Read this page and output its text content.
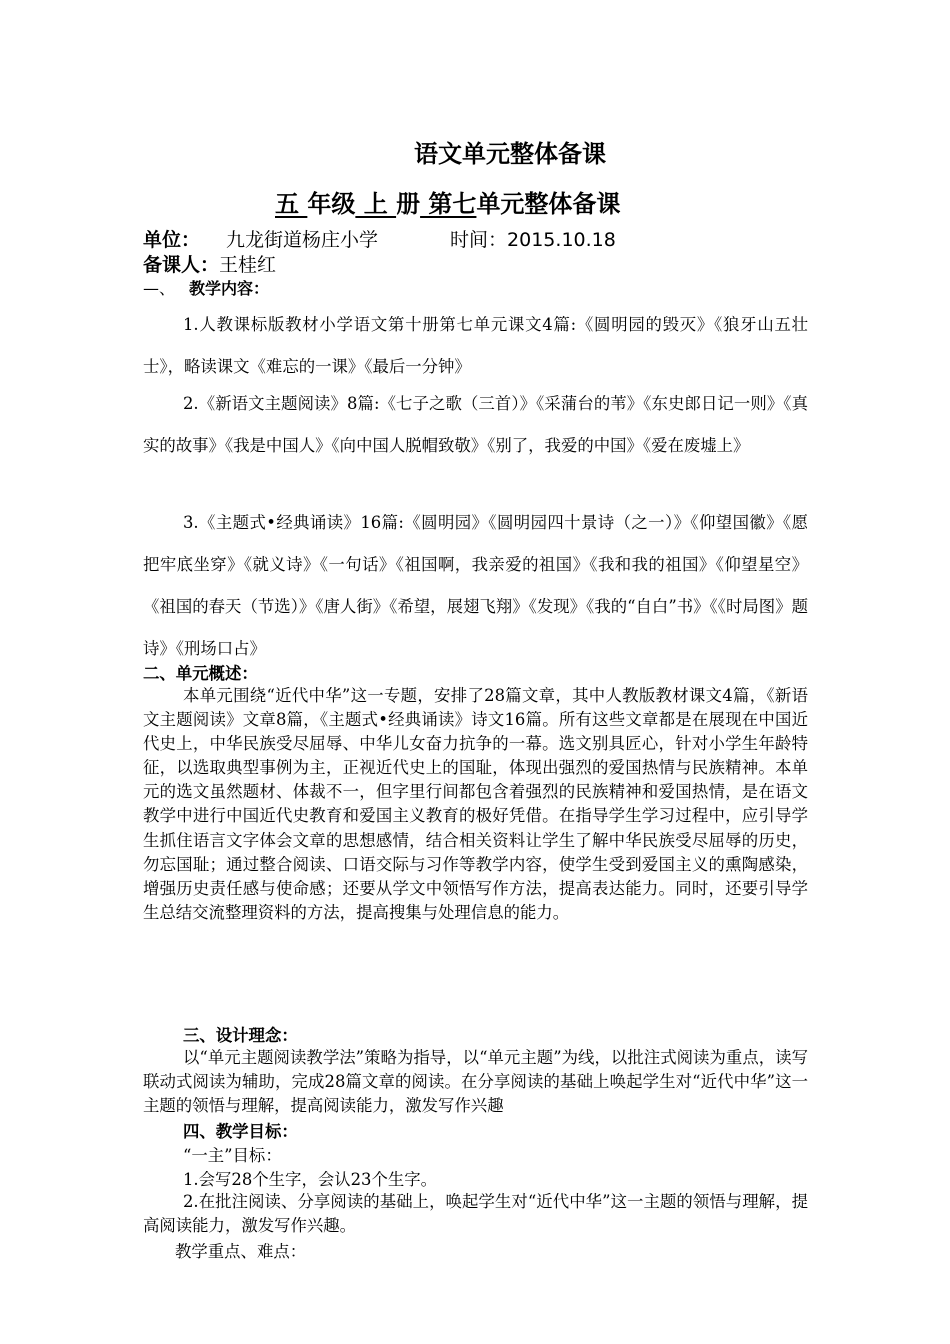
语文单元整体备课
五 年级 上 册 第七单元整体备课
单位： 九龙街道杨庄小学	时间：2015.10.18
备课人：王桂红
—、 教学内容：
1.人教课标版教材小学语文第十册第七单元课文4篇:《圆明园的毁灭》《狼牙山五壮士》，略读课文《难忘的一课》《最后一分钟》
2.《新语文主题阅读》8篇:《七子之歌（三首）》《采蒲台的苇》《东史郎日记一则》《真实的故事》《我是中国人》《向中国人脱帽致敬》《别了，我爱的中国》《爱在废墟上》
3.《主题式•经典诵读》16篇:《圆明园》《圆明园四十景诗（之一）》《仰望国徽》《愿把牢底坐穿》《就义诗》《一句话》《祖国啊，我亲爱的祖国》《我和我的祖国》《仰望星空》《祖国的春天（节选）》《唐人街》《希望，展翅飞翔》《发现》《我的“自白”书》《《时局图》题诗》《刑场口占》
二、单元概述：
本单元围绕“近代中华”这一专题，安排了28篇文章，其中人教版教材课文4篇，《新语文主题阅读》文章8篇，《主题式•经典诵读》诗文16篇。所有这些文章都是在展现在中国近代史上，中华民族受尽屈辱、中华儿女奋力抗争的一幕。选文别具匠心，针对小学生年龄特征，以选取典型事例为主，正视近代史上的国耻，体现出强烈的爱国热情与民族精神。本单元的选文虽然题材、体裁不一，但字里行间都包含着强烈的民族精神和爱国热情，是在语文教学中进行中国近代史教育和爱国主义教育的极好凭借。在指导学生学习过程中，应引导学生抓住语言文字体会文章的思想感情，结合相关资料让学生了解中华民族受尽屈辱的历史，勿忘国耻；通过整合阅读、口语交际与习作等教学内容，使学生受到爱国主义的熏陶感染，增强历史责任感与使命感；还要从学文中领悟写作方法，提高表达能力。同时，还要引导学生总结交流整理资料的方法，提高搜集与处理信息的能力。
三、设计理念：
以“单元主题阅读教学法”策略为指导，以“单元主题”为线，以批注式阅读为重点，读写联动式阅读为辅助，完成28篇文章的阅读。在分享阅读的基础上唤起学生对“近代中华”这一主题的领悟与理解，提高阅读能力，激发写作兴趣
四、教学目标：
“一主”目标：
1.会写28个生字，会认23个生字。
2.在批注阅读、分享阅读的基础上，唤起学生对“近代中华”这一主题的领悟与理解，提高阅读能力，激发写作兴趣。
教学重点、难点：
